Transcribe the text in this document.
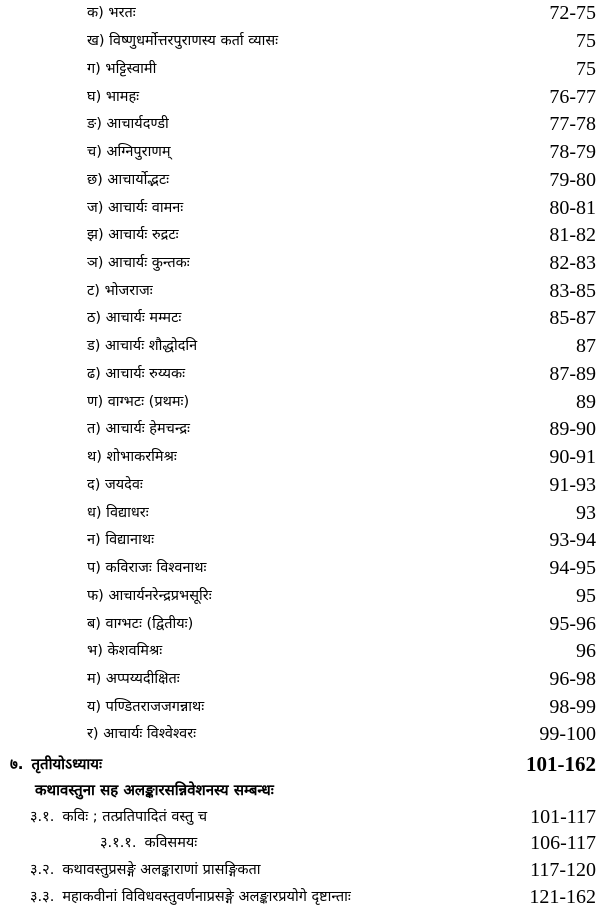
क) भरतः	72-75
ख) विष्णुधर्मोत्तरपुराणस्य कर्ता व्यासः	75
ग) भट्टिस्वामी	75
घ) भामहः	76-77
ङ) आचार्यदण्डी	77-78
च) अग्निपुराणम्	78-79
छ) आचार्योद्भटः	79-80
ज) आचार्यः वामनः	80-81
झ) आचार्यः रुद्रटः	81-82
ञ) आचार्यः कुन्तकः	82-83
ट) भोजराजः	83-85
ठ) आचार्यः मम्मटः	85-87
ड) आचार्यः शौद्धोदनि	87
ढ) आचार्यः रुय्यकः	87-89
ण) वाग्भटः (प्रथमः)	89
त) आचार्यः हेमचन्द्रः	89-90
थ) शोभाकरमिश्रः	90-91
द) जयदेवः	91-93
ध) विद्याधरः	93
न) विद्यानाथः	93-94
प) कविराजः विश्वनाथः	94-95
फ) आचार्यनरेन्द्रप्रभसूरिः	95
ब) वाग्भटः (द्वितीयः)	95-96
भ) केशवमिश्रः	96
म) अप्पय्यदीक्षितः	96-98
य) पण्डितराजजगन्नाथः	98-99
र) आचार्यः विश्वेश्वरः	99-100
७. तृतीयोऽध्यायः	101-162
कथावस्तुना सह अलङ्कारसन्निवेशनस्य सम्बन्धः
३.१. कविः ; तत्प्रतिपादितं वस्तु च	101-117
३.१.१. कविसमयः	106-117
३.२. कथावस्तुप्रसङ्गे अलङ्काराणां प्रासङ्गिकता	117-120
३.३. महाकवीनां विविधवस्तुवर्णनाप्रसङ्गे अलङ्कारप्रयोगे दृष्टान्ताः	121-162
